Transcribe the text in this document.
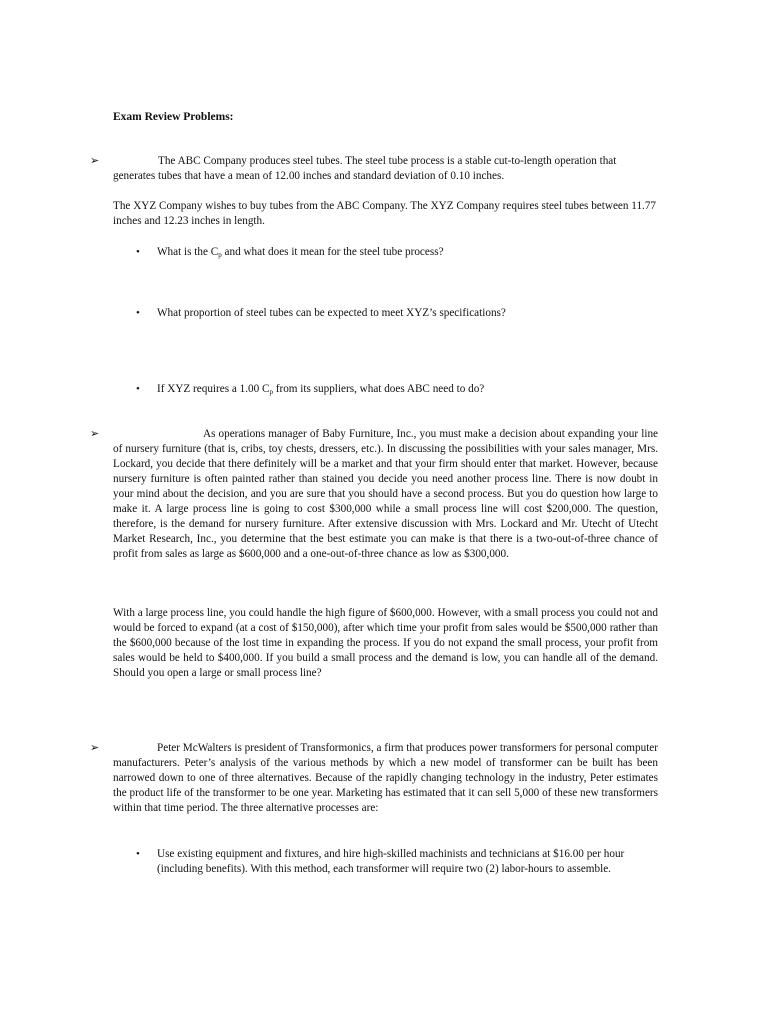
Exam Review Problems:
➢	The ABC Company produces steel tubes. The steel tube process is a stable cut-to-length operation that generates tubes that have a mean of 12.00 inches and standard deviation of 0.10 inches.
The XYZ Company wishes to buy tubes from the ABC Company. The XYZ Company requires steel tubes between 11.77 inches and 12.23 inches in length.
• What is the $C_p$ and what does it mean for the steel tube process?
• What proportion of steel tubes can be expected to meet XYZ’s specifications?
• If XYZ requires a 1.00 $C_p$ from its suppliers, what does ABC need to do?
➢	As operations manager of Baby Furniture, Inc., you must make a decision about expanding your line of nursery furniture (that is, cribs, toy chests, dressers, etc.). In discussing the possibilities with your sales manager, Mrs. Lockard, you decide that there definitely will be a market and that your firm should enter that market. However, because nursery furniture is often painted rather than stained you decide you need another process line. There is now doubt in your mind about the decision, and you are sure that you should have a second process. But you do question how large to make it. A large process line is going to cost $300,000 while a small process line will cost $200,000. The question, therefore, is the demand for nursery furniture. After extensive discussion with Mrs. Lockard and Mr. Utecht of Utecht Market Research, Inc., you determine that the best estimate you can make is that there is a two-out-of-three chance of profit from sales as large as $600,000 and a one-out-of-three chance as low as $300,000.
With a large process line, you could handle the high figure of $600,000. However, with a small process you could not and would be forced to expand (at a cost of $150,000), after which time your profit from sales would be $500,000 rather than the $600,000 because of the lost time in expanding the process. If you do not expand the small process, your profit from sales would be held to $400,000. If you build a small process and the demand is low, you can handle all of the demand. Should you open a large or small process line?
➢	Peter McWalters is president of Transformonics, a firm that produces power transformers for personal computer manufacturers. Peter’s analysis of the various methods by which a new model of transformer can be built has been narrowed down to one of three alternatives. Because of the rapidly changing technology in the industry, Peter estimates the product life of the transformer to be one year. Marketing has estimated that it can sell 5,000 of these new transformers within that time period. The three alternative processes are:
• Use existing equipment and fixtures, and hire high-skilled machinists and technicians at $16.00 per hour (including benefits). With this method, each transformer will require two (2) labor-hours to assemble.
